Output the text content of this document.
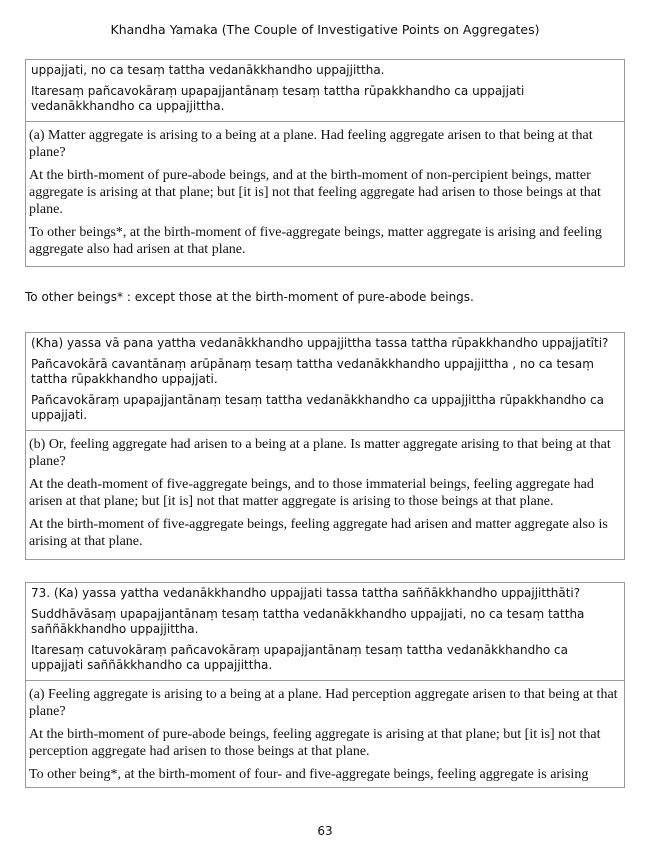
Khandha Yamaka (The Couple of Investigative Points on Aggregates)

uppajjati, no ca tesaṃ tattha vedanākkhandho uppajjittha.

Itaresaṃ pañcavokāraṃ upapajjantānaṃ tesaṃ tattha rūpakkhandho ca uppajjati vedanākkhandho ca uppajjittha.

(a) Matter aggregate is arising to a being at a plane. Had feeling aggregate arisen to that being at that plane?

At the birth-moment of pure-abode beings, and at the birth-moment of non-percipient beings, matter aggregate is arising at that plane; but [it is] not that feeling aggregate had arisen to those beings at that plane.

To other beings*, at the birth-moment of five-aggregate beings, matter aggregate is arising and feeling aggregate also had arisen at that plane.

To other beings* : except those at the birth-moment of pure-abode beings.

(Kha) yassa vā pana yattha vedanākkhandho uppajjittha tassa tattha rūpakkhandho uppajjatīti?

Pañcavokārā cavantānaṃ arūpānaṃ tesaṃ tattha vedanākkhandho uppajjittha , no ca tesaṃ tattha rūpakkhandho uppajjati.

Pañcavokāraṃ upapajjantānaṃ tesaṃ tattha vedanākkhandho ca uppajjittha rūpakkhandho ca uppajjati.

(b) Or, feeling aggregate had arisen to a being at a plane. Is matter aggregate arising to that being at that plane?

At the death-moment of five-aggregate beings, and to those immaterial beings, feeling aggregate had arisen at that plane; but [it is] not that matter aggregate is arising to those beings at that plane.

At the birth-moment of five-aggregate beings, feeling aggregate had arisen and matter aggregate also is arising at that plane.

73. (Ka) yassa yattha vedanākkhandho uppajjati tassa tattha saññākkhandho uppajjitthāti?

Suddhāvāsaṃ upapajjantānaṃ tesaṃ tattha vedanākkhandho uppajjati, no ca tesaṃ tattha saññākkhandho uppajjittha.

Itaresaṃ catuvokāraṃ pañcavokāraṃ upapajjantānaṃ tesaṃ tattha vedanākkhandho ca uppajjati saññākkhandho ca uppajjittha.

(a) Feeling aggregate is arising to a being at a plane. Had perception aggregate arisen to that being at that plane?

At the birth-moment of pure-abode beings, feeling aggregate is arising at that plane; but [it is] not that perception aggregate had arisen to those beings at that plane.

To other being*, at the birth-moment of four- and five-aggregate beings, feeling aggregate is arising

63
